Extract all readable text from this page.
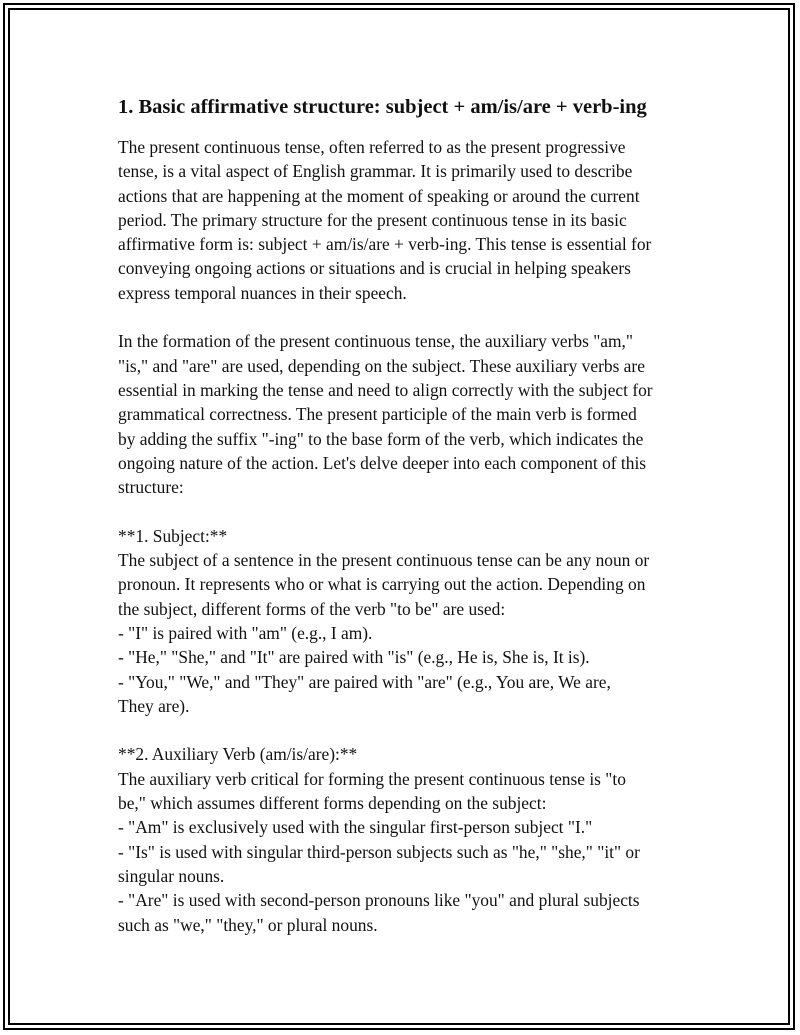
1. Basic affirmative structure: subject + am/is/are + verb-ing

The present continuous tense, often referred to as the present progressive
tense, is a vital aspect of English grammar. It is primarily used to describe
actions that are happening at the moment of speaking or around the current
period. The primary structure for the present continuous tense in its basic
affirmative form is: subject + am/is/are + verb-ing. This tense is essential for
conveying ongoing actions or situations and is crucial in helping speakers
express temporal nuances in their speech.

In the formation of the present continuous tense, the auxiliary verbs "am,"
"is," and "are" are used, depending on the subject. These auxiliary verbs are
essential in marking the tense and need to align correctly with the subject for
grammatical correctness. The present participle of the main verb is formed
by adding the suffix "-ing" to the base form of the verb, which indicates the
ongoing nature of the action. Let's delve deeper into each component of this
structure:

**1. Subject:**
The subject of a sentence in the present continuous tense can be any noun or
pronoun. It represents who or what is carrying out the action. Depending on
the subject, different forms of the verb "to be" are used:
- "I" is paired with "am" (e.g., I am).
- "He," "She," and "It" are paired with "is" (e.g., He is, She is, It is).
- "You," "We," and "They" are paired with "are" (e.g., You are, We are,
They are).

**2. Auxiliary Verb (am/is/are):**
The auxiliary verb critical for forming the present continuous tense is "to
be," which assumes different forms depending on the subject:
- "Am" is exclusively used with the singular first-person subject "I."
- "Is" is used with singular third-person subjects such as "he," "she," "it" or
singular nouns.
- "Are" is used with second-person pronouns like "you" and plural subjects
such as "we," "they," or plural nouns.
